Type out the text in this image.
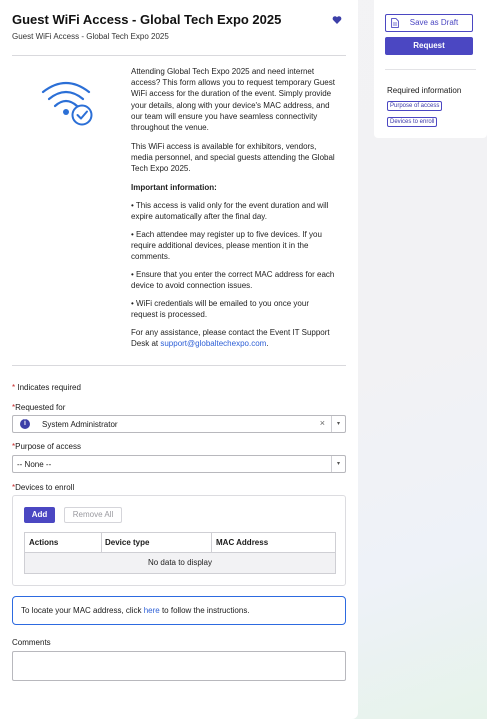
Guest WiFi Access - Global Tech Expo 2025
Guest WiFi Access - Global Tech Expo 2025
Attending Global Tech Expo 2025 and need internet access? This form allows you to request temporary Guest WiFi access for the duration of the event. Simply provide your details, along with your device's MAC address, and our team will ensure you have seamless connectivity throughout the venue.
This WiFi access is available for exhibitors, vendors, media personnel, and special guests attending the Global Tech Expo 2025.
Important information:
• This access is valid only for the event duration and will expire automatically after the final day.
• Each attendee may register up to five devices. If you require additional devices, please mention it in the comments.
• Ensure that you enter the correct MAC address for each device to avoid connection issues.
• WiFi credentials will be emailed to you once your request is processed.
For any assistance, please contact the Event IT Support Desk at support@globaltechexpo.com.
* Indicates required
*Requested for
i	System Administrator	×	▾
*Purpose of access
-- None --	▾
*Devices to enroll
Add	Remove All
Actions	Device type	MAC Address
No data to display
To locate your MAC address, click here to follow the instructions.
Comments
Save as Draft
Request
Required information
Purpose of access
Devices to enroll
